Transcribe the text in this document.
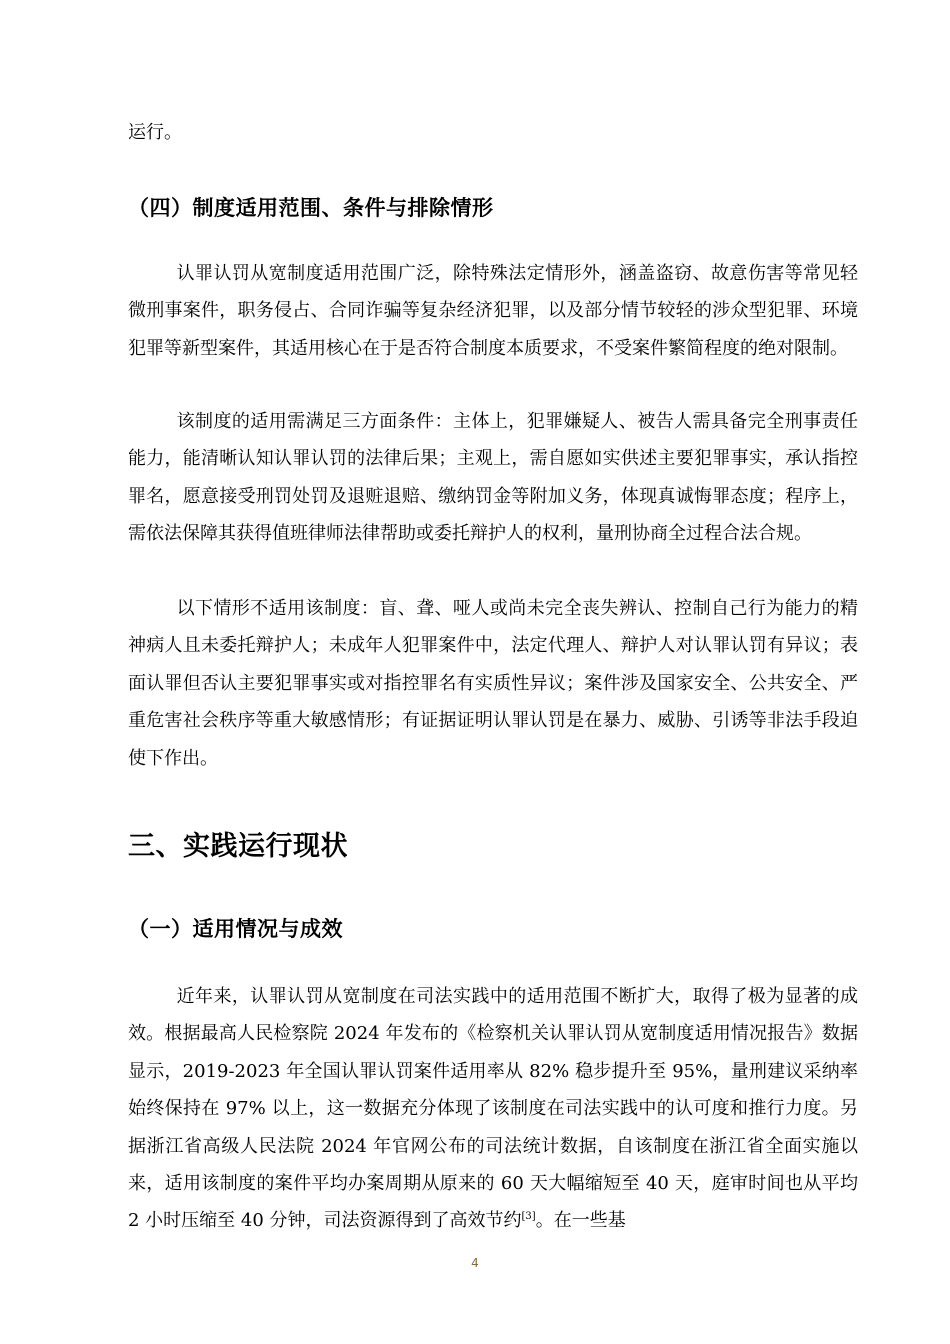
运行。

（四）制度适用范围、条件与排除情形

认罪认罚从宽制度适用范围广泛，除特殊法定情形外，涵盖盗窃、故意伤害等常见轻微刑事案件，职务侵占、合同诈骗等复杂经济犯罪，以及部分情节较轻的涉众型犯罪、环境犯罪等新型案件，其适用核心在于是否符合制度本质要求，不受案件繁简程度的绝对限制。

该制度的适用需满足三方面条件：主体上，犯罪嫌疑人、被告人需具备完全刑事责任能力，能清晰认知认罪认罚的法律后果；主观上，需自愿如实供述主要犯罪事实，承认指控罪名，愿意接受刑罚处罚及退赃退赔、缴纳罚金等附加义务，体现真诚悔罪态度；程序上，需依法保障其获得值班律师法律帮助或委托辩护人的权利，量刑协商全过程合法合规。

以下情形不适用该制度：盲、聋、哑人或尚未完全丧失辨认、控制自己行为能力的精神病人且未委托辩护人；未成年人犯罪案件中，法定代理人、辩护人对认罪认罚有异议；表面认罪但否认主要犯罪事实或对指控罪名有实质性异议；案件涉及国家安全、公共安全、严重危害社会秩序等重大敏感情形；有证据证明认罪认罚是在暴力、威胁、引诱等非法手段迫使下作出。

三、实践运行现状
（一）适用情况与成效

近年来，认罪认罚从宽制度在司法实践中的适用范围不断扩大，取得了极为显著的成效。根据最高人民检察院 2024 年发布的《检察机关认罪认罚从宽制度适用情况报告》数据显示，2019-2023 年全国认罪认罚案件适用率从 82% 稳步提升至 95%，量刑建议采纳率始终保持在 97% 以上，这一数据充分体现了该制度在司法实践中的认可度和推行力度。另据浙江省高级人民法院 2024 年官网公布的司法统计数据，自该制度在浙江省全面实施以来，适用该制度的案件平均办案周期从原来的 60 天大幅缩短至 40 天，庭审时间也从平均 2 小时压缩至 40 分钟，司法资源得到了高效节约[3]。在一些基

4
